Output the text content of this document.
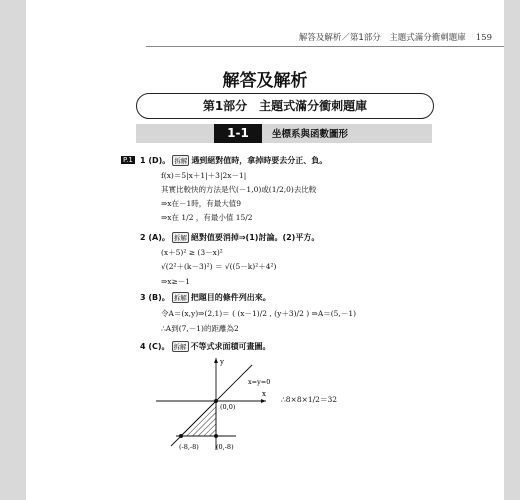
解答及解析／第1部分　主題式滿分衝刺題庫 159
解答及解析
第1部分　主題式滿分衝刺題庫
1-1	坐標系與函數圖形
P.1 1 (D)。 拆解 遇到絕對值時，拿掉時要去分正、負。
f(x)＝5|x＋1|＋3|2x－1|
其實比較快的方法是代(－1,0)或(1/2,0)去比較
⇒x在－1時，有最大值9
⇒x在 1/2 ，有最小值 15/2
2 (A)。 拆解 絕對值要消掉⇒(1)討論。(2)平方。
(x＋5)² ≥ (3－x)²
√(2²＋(k－3)²) ＝ √((5－k)²＋4²)
⇒x≥－1
3 (B)。 拆解 把題目的條件列出來。
令A＝(x,y)⇒(2,1)＝ ( (x－1)/2 , (y＋3)/2 ) ⇒A＝(5,－1)
∴A到(7,－1)的距離為2
4 (C)。 拆解 不等式求面積可畫圖。
y
x
x=y=0
(0,0)
(-8,-8)	(0,-8)
∴8×8×1/2＝32
